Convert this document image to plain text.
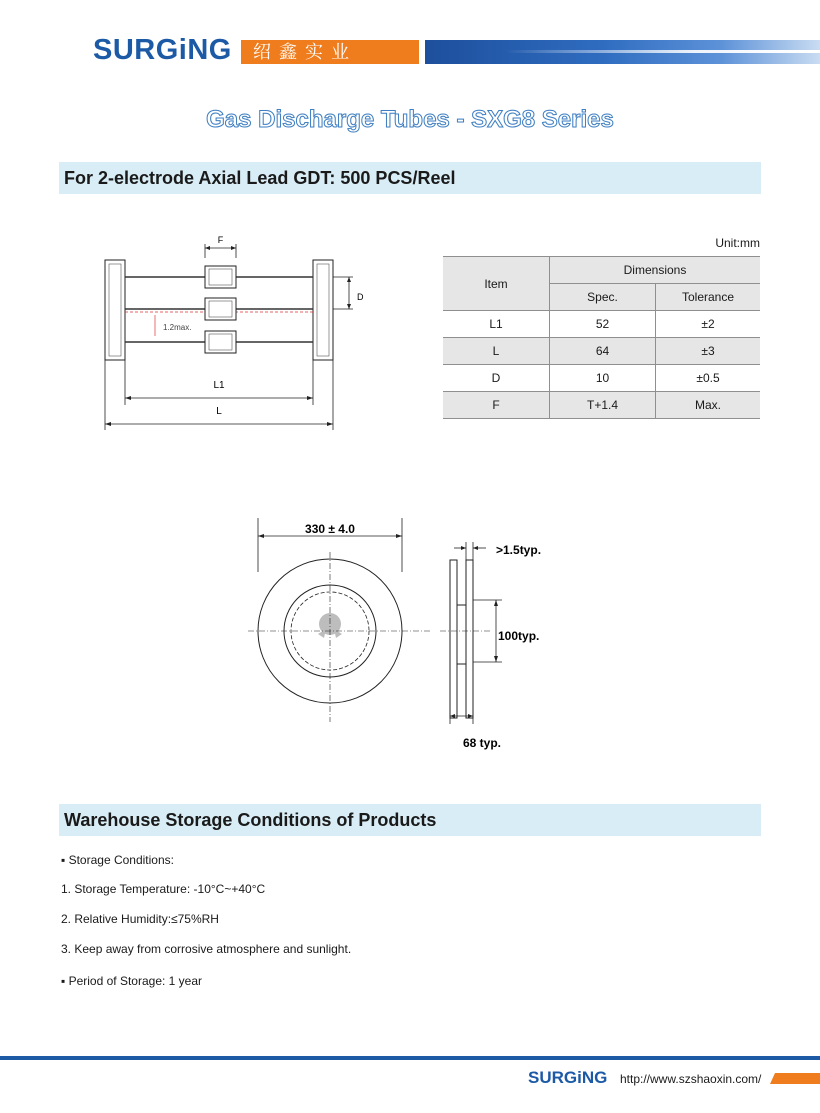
SURGiNG	绍鑫实业
Gas Discharge Tubes - SXG8 Series
For 2-electrode Axial Lead GDT: 500 PCS/Reel
F
1.2max.
D
L1
L
Unit:mm
Item	Dimensions	
	Spec.	Tolerance
L1	52	±2
L	64	±3
D	10	±0.5
F	T+1.4	Max.
330 ± 4.0
>1.5typ.
100typ.
68 typ.
Warehouse Storage Conditions of Products
▪ Storage Conditions:
1. Storage Temperature: -10°C~+40°C
2. Relative Humidity:≤75%RH
3. Keep away from corrosive atmosphere and sunlight.
▪ Period of Storage: 1 year
SURGiNG http://www.szshaoxin.com/
